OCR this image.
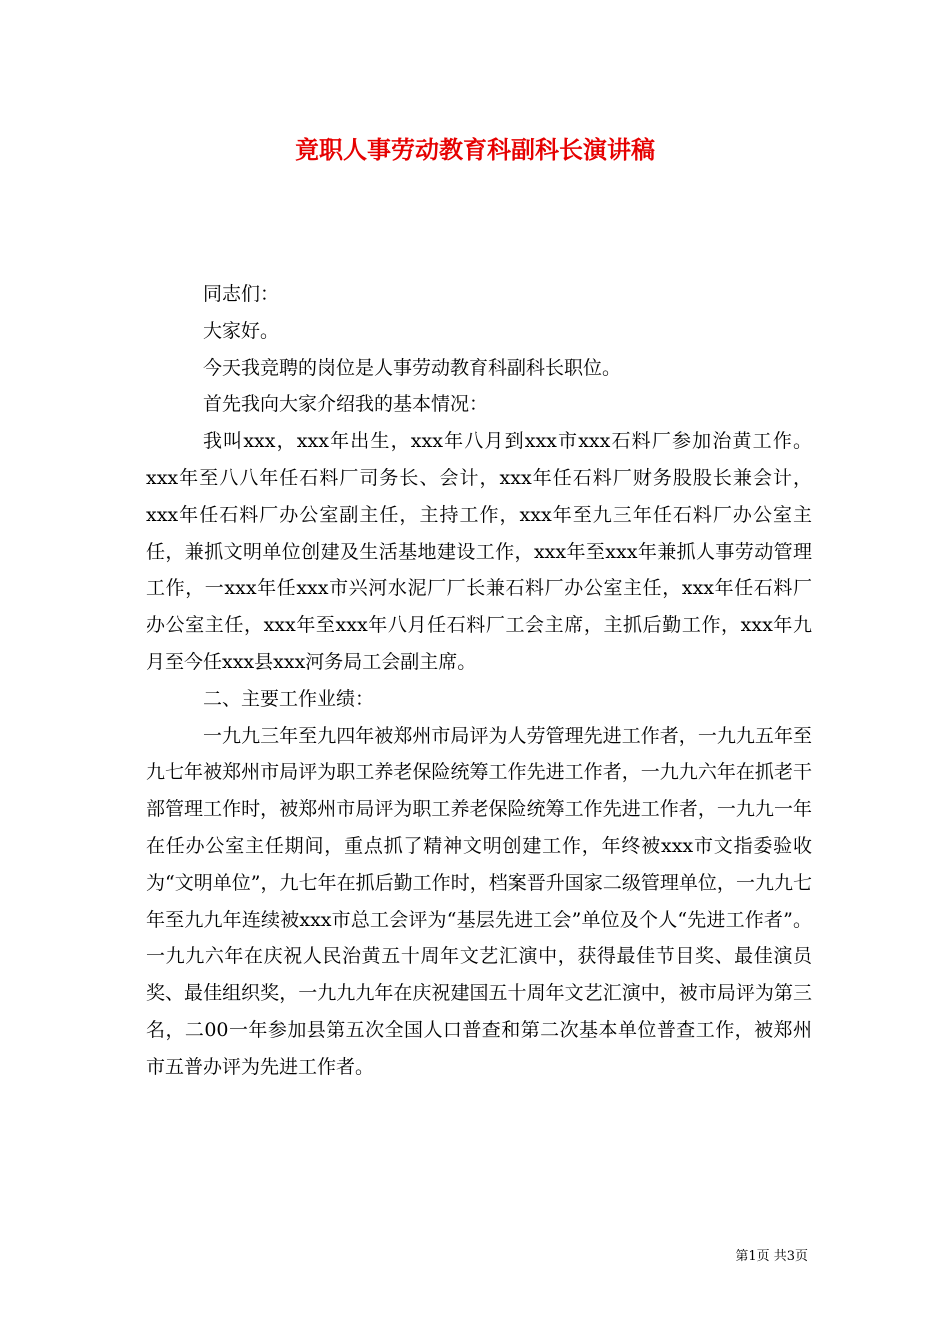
竟职人事劳动教育科副科长演讲稿

同志们：

大家好。

今天我竞聘的岗位是人事劳动教育科副科长职位。

首先我向大家介绍我的基本情况：

我叫xxx，xxx年出生，xxx年八月到xxx市xxx石料厂参加治黄工作。xxx年至八八年任石料厂司务长、会计，xxx年任石料厂财务股股长兼会计，xxx年任石料厂办公室副主任，主持工作，xxx年至九三年任石料厂办公室主任，兼抓文明单位创建及生活基地建设工作，xxx年至xxx年兼抓人事劳动管理工作，一xxx年任xxx市兴河水泥厂厂长兼石料厂办公室主任，xxx年任石料厂办公室主任，xxx年至xxx年八月任石料厂工会主席，主抓后勤工作，xxx年九月至今任xxx县xxx河务局工会副主席。

二、主要工作业绩：

一九九三年至九四年被郑州市局评为人劳管理先进工作者，一九九五年至九七年被郑州市局评为职工养老保险统筹工作先进工作者，一九九六年在抓老干部管理工作时，被郑州市局评为职工养老保险统筹工作先进工作者，一九九一年在任办公室主任期间，重点抓了精神文明创建工作，年终被xxx市文指委验收为“文明单位”，九七年在抓后勤工作时，档案晋升国家二级管理单位，一九九七年至九九年连续被xxx市总工会评为“基层先进工会”单位及个人“先进工作者”。一九九六年在庆祝人民治黄五十周年文艺汇演中，获得最佳节目奖、最佳演员奖、最佳组织奖，一九九九年在庆祝建国五十周年文艺汇演中，被市局评为第三名，二00一年参加县第五次全国人口普查和第二次基本单位普查工作，被郑州市五普办评为先进工作者。

第1页 共3页
